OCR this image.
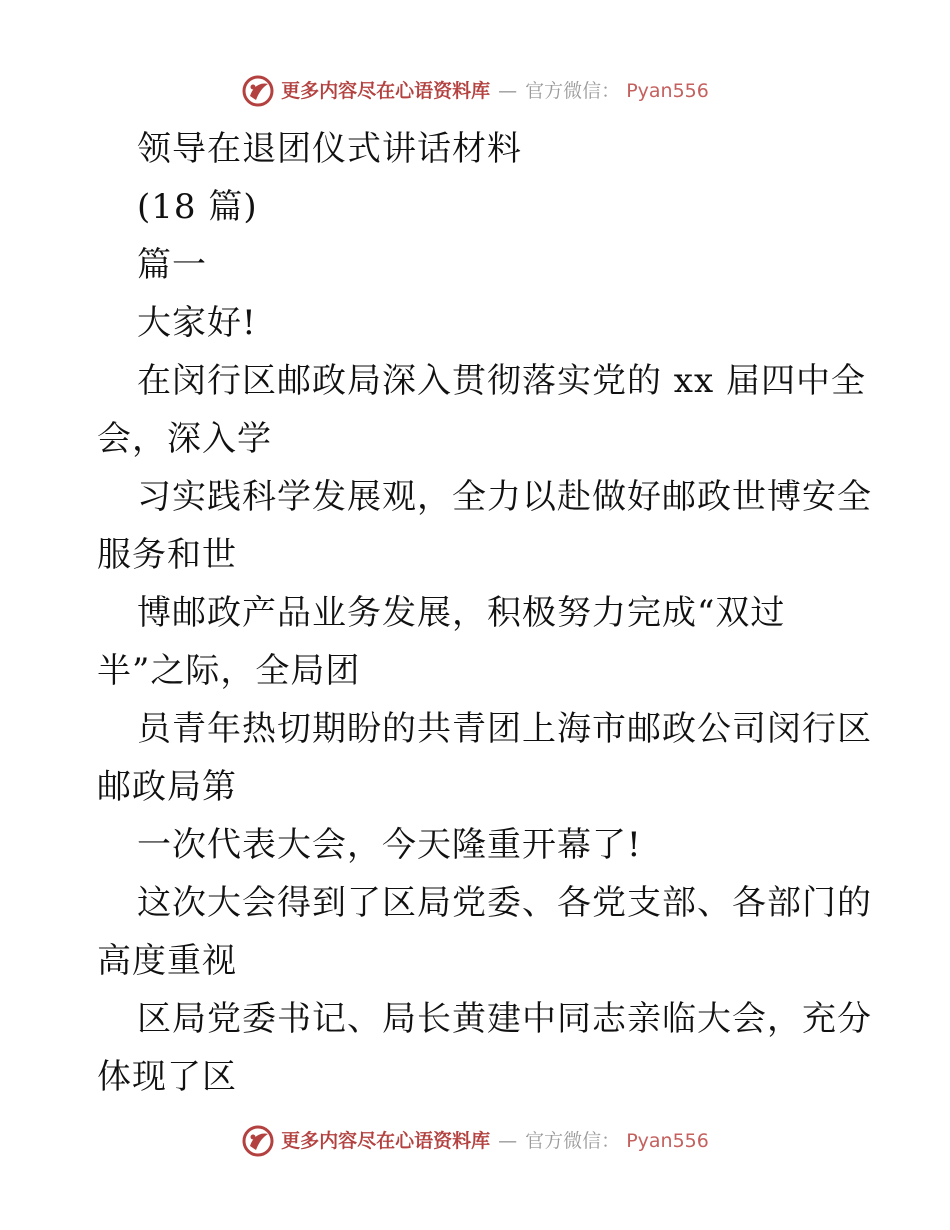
更多内容尽在心语资料库 — 官方微信： Pyan556
领导在退团仪式讲话材料
(18 篇)
篇一
大家好!
在闵行区邮政局深入贯彻落实党的 xx 届四中全
会，深入学
习实践科学发展观，全力以赴做好邮政世博安全
服务和世
博邮政产品业务发展，积极努力完成“双过
半”之际，全局团
员青年热切期盼的共青团上海市邮政公司闵行区
邮政局第
一次代表大会，今天隆重开幕了!
这次大会得到了区局党委、各党支部、各部门的
高度重视
区局党委书记、局长黄建中同志亲临大会，充分
体现了区
更多内容尽在心语资料库 — 官方微信： Pyan556
